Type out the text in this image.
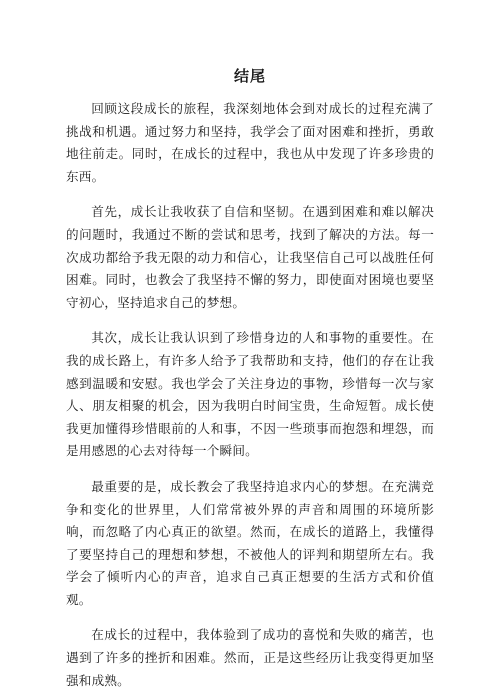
结尾

回顾这段成长的旅程，我深刻地体会到对成长的过程充满了挑战和机遇。通过努力和坚持，我学会了面对困难和挫折，勇敢地往前走。同时，在成长的过程中，我也从中发现了许多珍贵的东西。

首先，成长让我收获了自信和坚韧。在遇到困难和难以解决的问题时，我通过不断的尝试和思考，找到了解决的方法。每一次成功都给予我无限的动力和信心，让我坚信自己可以战胜任何困难。同时，也教会了我坚持不懈的努力，即使面对困境也要坚守初心，坚持追求自己的梦想。

其次，成长让我认识到了珍惜身边的人和事物的重要性。在我的成长路上，有许多人给予了我帮助和支持，他们的存在让我感到温暖和安慰。我也学会了关注身边的事物，珍惜每一次与家人、朋友相聚的机会，因为我明白时间宝贵，生命短暂。成长使我更加懂得珍惜眼前的人和事，不因一些琐事而抱怨和埋怨，而是用感恩的心去对待每一个瞬间。

最重要的是，成长教会了我坚持追求内心的梦想。在充满竞争和变化的世界里，人们常常被外界的声音和周围的环境所影响，而忽略了内心真正的欲望。然而，在成长的道路上，我懂得了要坚持自己的理想和梦想，不被他人的评判和期望所左右。我学会了倾听内心的声音，追求自己真正想要的生活方式和价值观。

在成长的过程中，我体验到了成功的喜悦和失败的痛苦，也遇到了许多的挫折和困难。然而，正是这些经历让我变得更加坚强和成熟。
